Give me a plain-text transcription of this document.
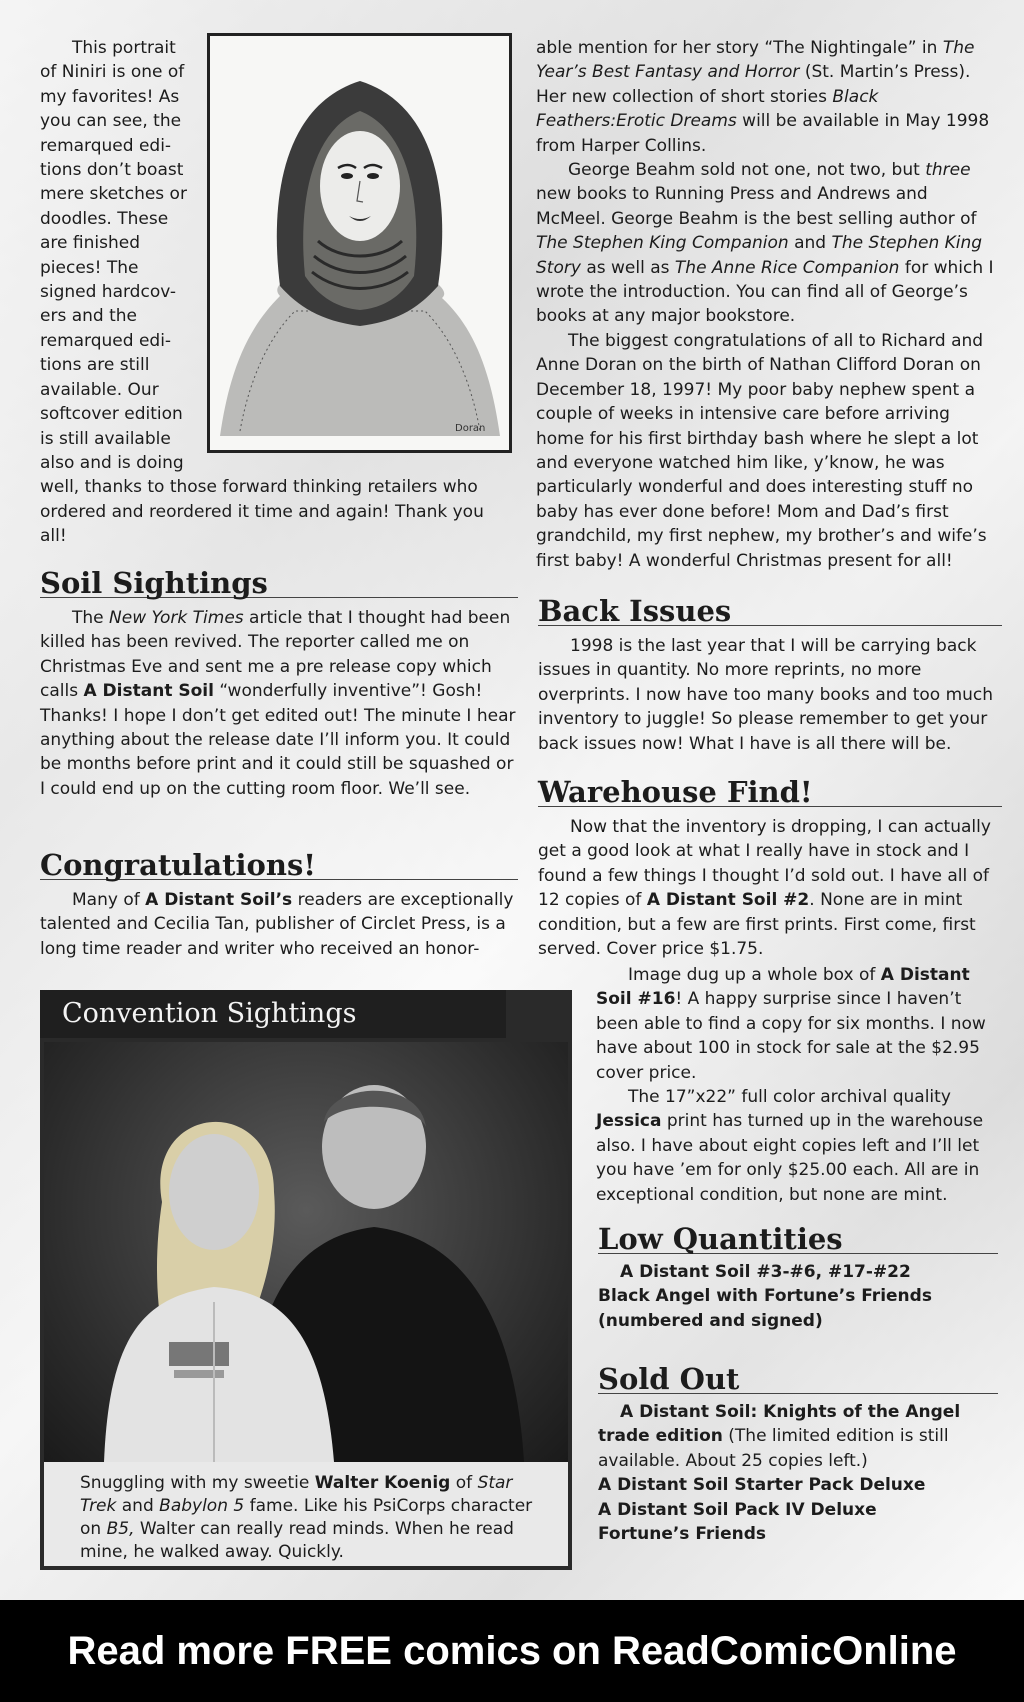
This portrait
of Niniri is one of
my favorites! As
you can see, the
remarqued edi-
tions don’t boast
mere sketches or
doodles. These
are finished
pieces! The
signed hardcov-
ers and the
remarqued edi-
tions are still
available. Our
softcover edition
is still available
also and is doing

well, thanks to those forward thinking retailers who ordered and reordered it time and again! Thank you all!

Doran
Soil Sightings

The New York Times article that I thought had been killed has been revived. The reporter called me on Christmas Eve and sent me a pre release copy which calls A Distant Soil “wonderfully inventive”! Gosh! Thanks! I hope I don’t get edited out! The minute I hear anything about the release date I’ll inform you. It could be months before print and it could still be squashed or I could end up on the cutting room floor. We’ll see.

Congratulations!

Many of A Distant Soil’s readers are exceptionally talented and Cecilia Tan, publisher of Circlet Press, is a long time reader and writer who received an honor-

able mention for her story “The Nightingale” in The Year’s Best Fantasy and Horror (St. Martin’s Press). Her new collection of short stories Black Feathers:Erotic Dreams will be available in May 1998 from Harper Collins.

George Beahm sold not one, not two, but three new books to Running Press and Andrews and McMeel. George Beahm is the best selling author of The Stephen King Companion and The Stephen King Story as well as The Anne Rice Companion for which I wrote the introduction. You can find all of George’s books at any major bookstore.

The biggest congratulations of all to Richard and Anne Doran on the birth of Nathan Clifford Doran on December 18, 1997! My poor baby nephew spent a couple of weeks in intensive care before arriving home for his first birthday bash where he slept a lot and everyone watched him like, y’know, he was particularly wonderful and does interesting stuff no baby has ever done before! Mom and Dad’s first grandchild, my first nephew, my brother’s and wife’s first baby! A wonderful Christmas present for all!

Back Issues

1998 is the last year that I will be carrying back issues in quantity. No more reprints, no more overprints. I now have too many books and too much inventory to juggle! So please remember to get your back issues now! What I have is all there will be.

Warehouse Find!

Now that the inventory is dropping, I can actually get a good look at what I really have in stock and I found a few things I thought I’d sold out. I have all of 12 copies of A Distant Soil #2. None are in mint condition, but a few are first prints. First come, first served. Cover price $1.75.

Image dug up a whole box of A Distant Soil #16! A happy surprise since I haven’t been able to find a copy for six months. I now have about 100 in stock for sale at the $2.95 cover price.

The 17”x22” full color archival quality Jessica print has turned up in the warehouse also. I have about eight copies left and I’ll let you have ’em for only $25.00 each. All are in exceptional condition, but none are mint.

Low Quantities

A Distant Soil #3-#6, #17-#22

Black Angel with Fortune’s Friends (numbered and signed)

Sold Out

A Distant Soil: Knights of the Angel trade edition (The limited edition is still available. About 25 copies left.)

A Distant Soil Starter Pack Deluxe

A Distant Soil Pack IV Deluxe

Fortune’s Friends

Convention Sightings
Snuggling with my sweetie Walter Koenig of Star Trek and Babylon 5 fame. Like his PsiCorps character on B5, Walter can really read minds. When he read mine, he walked away. Quickly.
Read more FREE comics on ReadComicOnline
